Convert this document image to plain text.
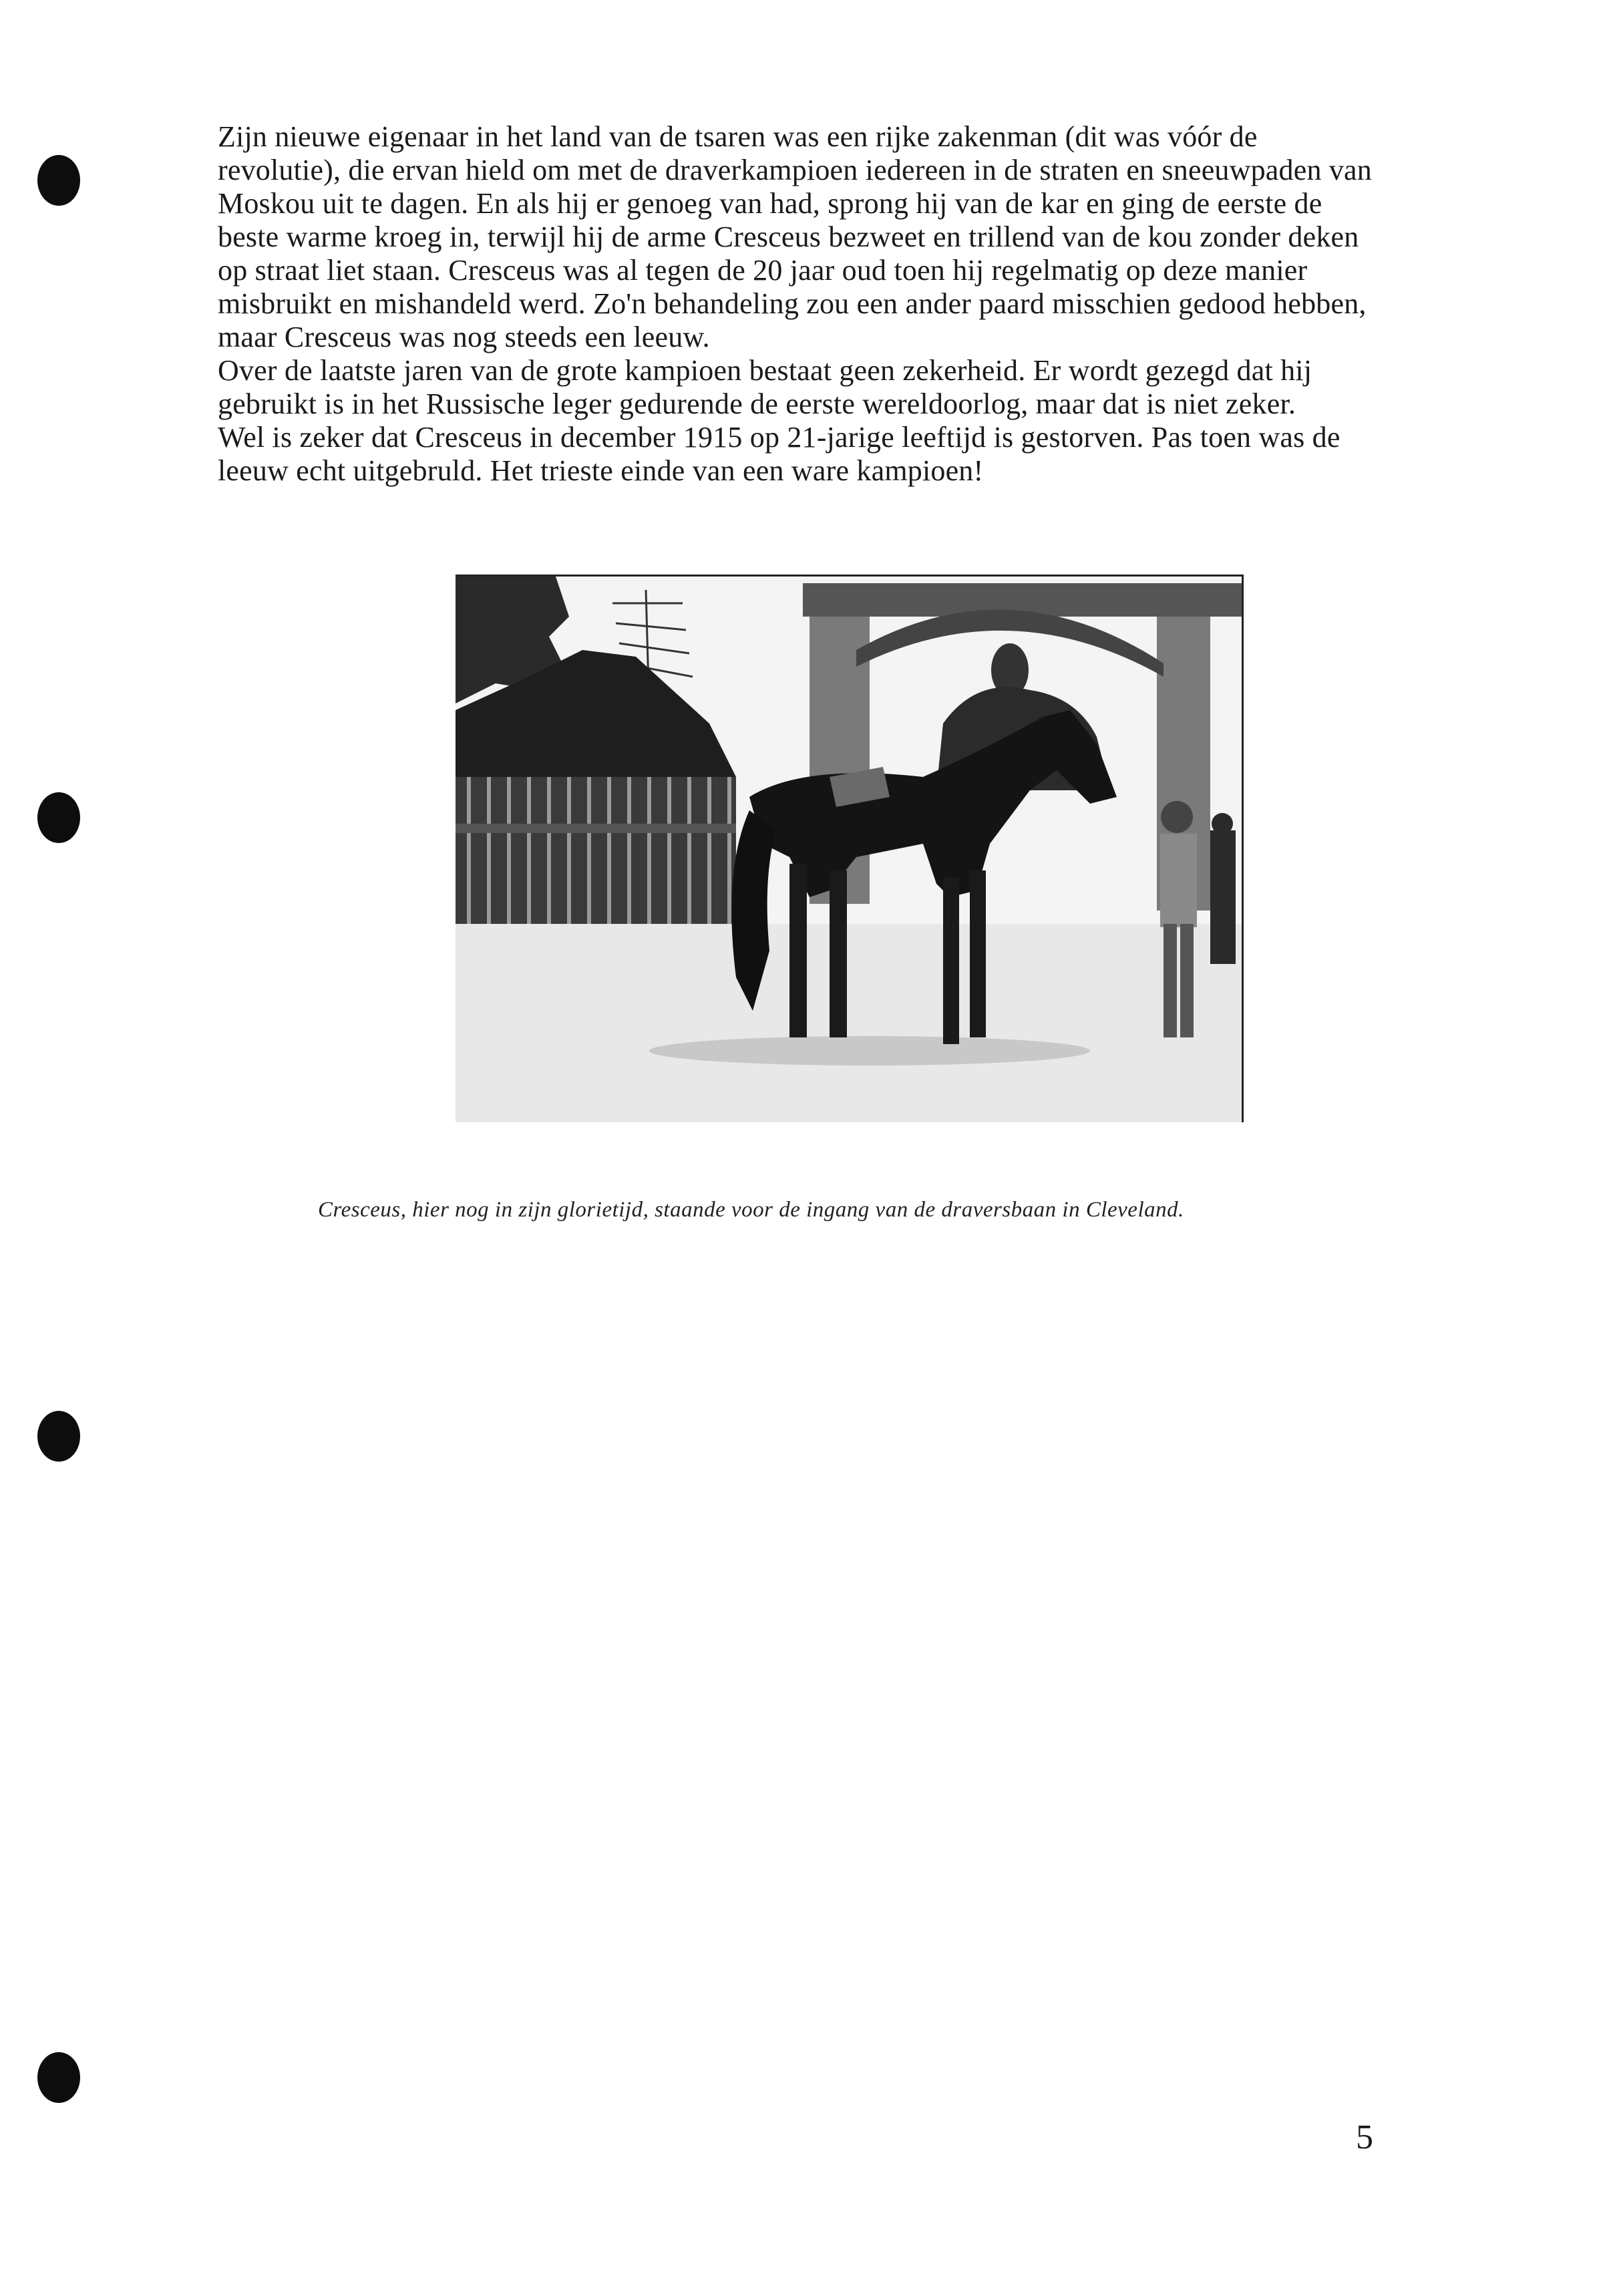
Zijn nieuwe eigenaar in het land van de tsaren was een rijke zakenman (dit was vóór de

revolutie), die ervan hield om met de draverkampioen iedereen in de straten en sneeuwpaden van

Moskou uit te dagen. En als hij er genoeg van had, sprong hij van de kar en ging de eerste de

beste warme kroeg in, terwijl hij de arme Cresceus bezweet en trillend van de kou zonder deken

op straat liet staan. Cresceus was al tegen de 20 jaar oud toen hij regelmatig op deze manier

misbruikt en mishandeld werd. Zo'n behandeling zou een ander paard misschien gedood hebben,

maar Cresceus was nog steeds een leeuw.

Over de laatste jaren van de grote kampioen bestaat geen zekerheid. Er wordt gezegd dat hij

gebruikt is in het Russische leger gedurende de eerste wereldoorlog, maar dat is niet zeker.

Wel is zeker dat Cresceus in december 1915 op 21-jarige leeftijd is gestorven. Pas toen was de

leeuw echt uitgebruld. Het trieste einde van een ware kampioen!

Cresceus, hier nog in zijn glorietijd, staande voor de ingang van de draversbaan in Cleveland.
5
